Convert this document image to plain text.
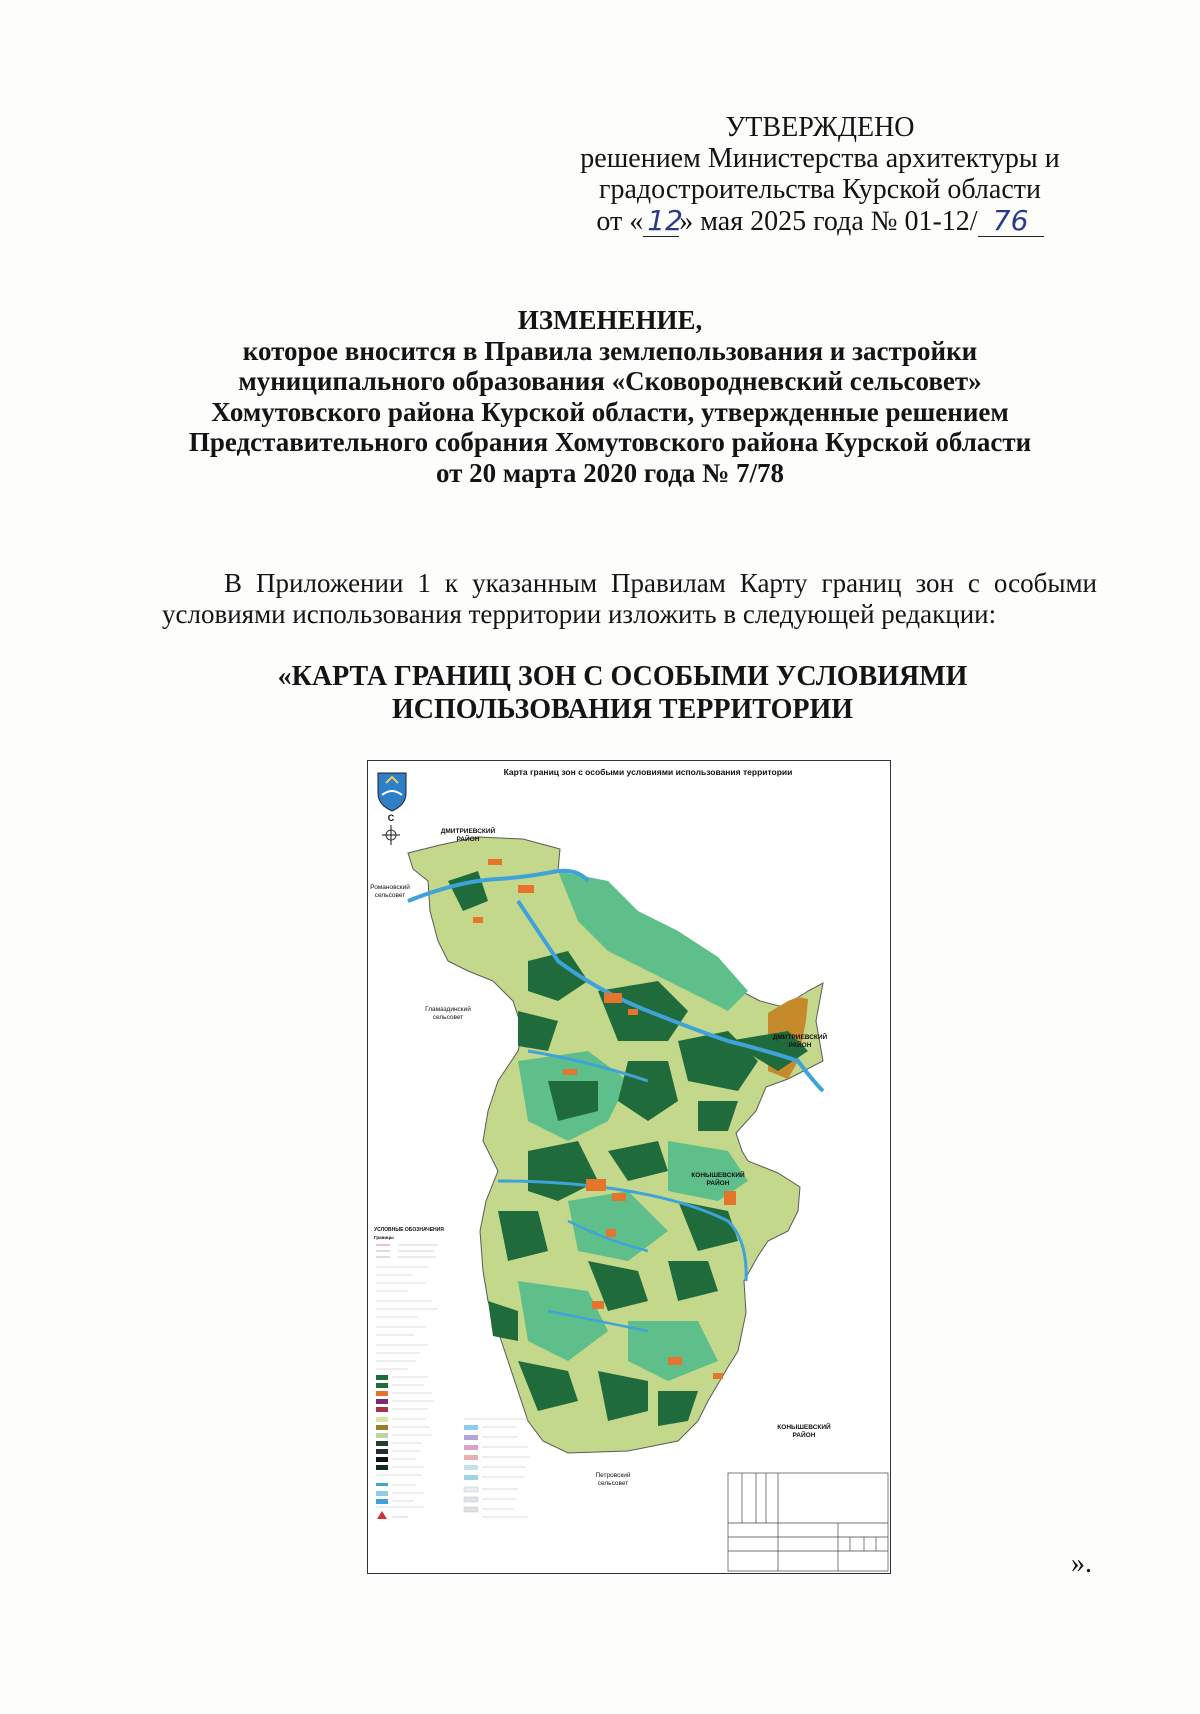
УТВЕРЖДЕНО
решением Министерства архитектуры и
градостроительства Курской области
от « 12» мая 2025 года № 01-12/ 76
ИЗМЕНЕНИЕ,
которое вносится в Правила землепользования и застройки
муниципального образования «Сковородневский сельсовет»
Хомутовского района Курской области, утвержденные решением
Представительного собрания Хомутовского района Курской области
от 20 марта 2020 года № 7/78

В Приложении 1 к указанным Правилам Карту границ зон с особыми условиями использования территории изложить в следующей редакции:

«КАРТА ГРАНИЦ ЗОН С ОСОБЫМИ УСЛОВИЯМИ
ИСПОЛЬЗОВАНИЯ ТЕРРИТОРИИ
Карта границ зон с особыми условиями использования территории
С
ДМИТРИЕВСКИЙ
РАЙОН
Романовский
сельсовет
Гламаздинский
сельсовет
ДМИТРИЕВСКИЙ
РАЙОН
КОНЫШЕВСКИЙ
РАЙОН
КОНЫШЕВСКИЙ
РАЙОН
Петровский
сельсовет
УСЛОВНЫЕ ОБОЗНАЧЕНИЯ
Границы
».
